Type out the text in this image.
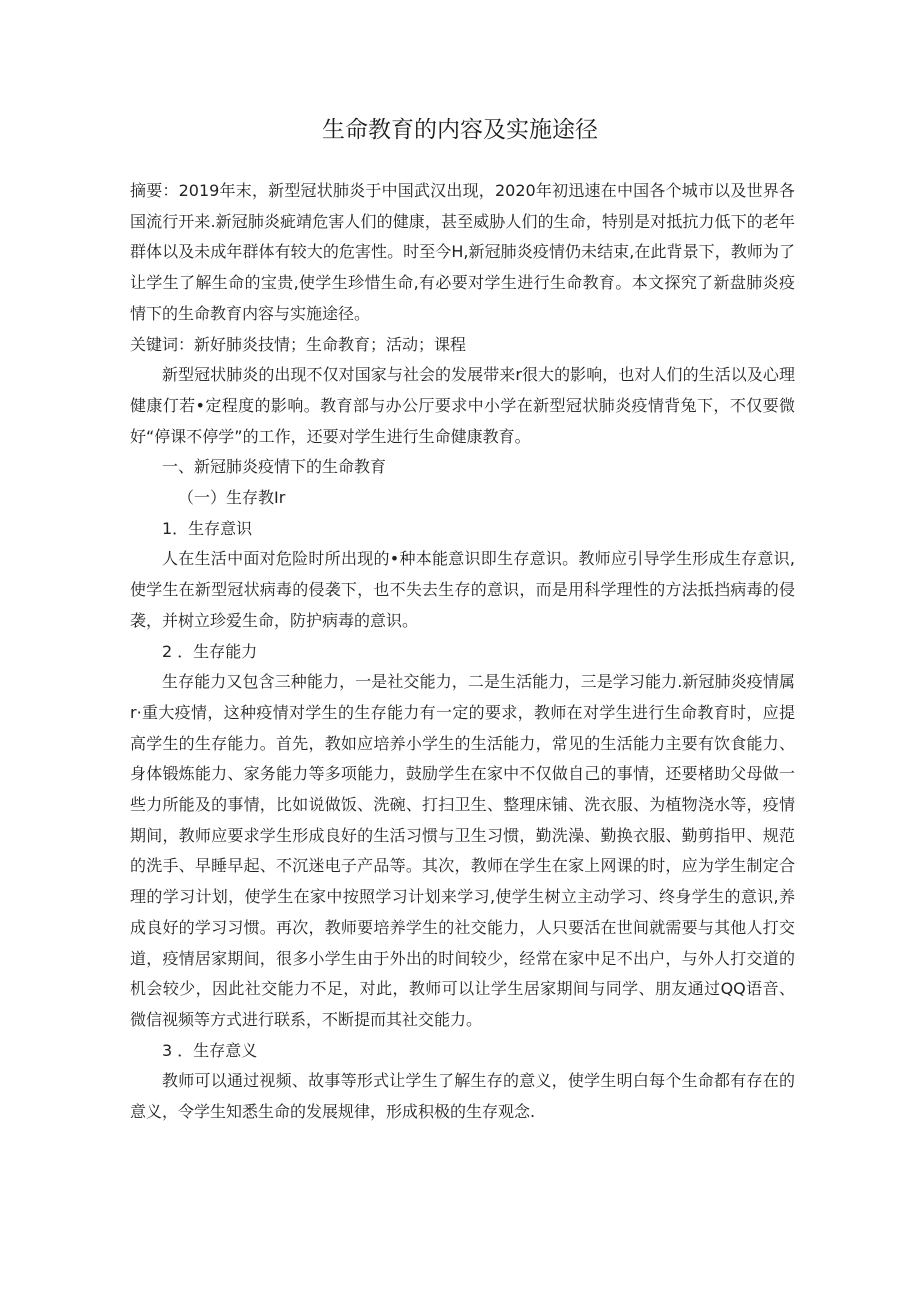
生命教育的内容及实施途径

摘要：2019年末，新型冠状肺炎于中国武汉出现，2020年初迅速在中国各个城市以及世界各国流行开来.新冠肺炎疵靖危害人们的健康，甚至威胁人们的生命，特别是对抵抗力低下的老年群体以及未成年群体有较大的危害性。时至今H,新冠肺炎疫情仍未结束,在此背景下，教师为了让学生了解生命的宝贵,使学生珍惜生命,有必要对学生进行生命教育。本文探究了新盘肺炎疫情下的生命教育内容与实施途径。

关键词：新好肺炎技情；生命教育；活动；课程

新型冠状肺炎的出现不仅对国家与社会的发展带来r很大的影响，也对人们的生活以及心理健康仃若•定程度的影响。教育部与办公厅要求中小学在新型冠状肺炎疫情背兔下，不仅要微好“停课不停学”的工作，还要对学生进行生命健康教育。

一、新冠肺炎疫情下的生命教育

（一）生存教Ir

1．生存意识

人在生活中面对危险时所出现的•种本能意识即生存意识。教师应引导学生形成生存意识,使学生在新型冠状病毒的侵袭下，也不失去生存的意识，而是用科学理性的方法抵挡病毒的侵袭，并树立珍爱生命，防护病毒的意识。

2 ．生存能力

生存能力又包含三种能力，一是社交能力，二是生活能力，三是学习能力.新冠肺炎疫情属r·重大疫情，这种疫情对学生的生存能力有一定的要求，教师在对学生进行生命教育时，应提高学生的生存能力。首先，教如应培养小学生的生活能力，常见的生活能力主要有饮食能力、身体锻炼能力、家务能力等多项能力，鼓励学生在家中不仅做自己的事情，还要楮助父母做一些力所能及的事情，比如说做饭、洗碗、打扫卫生、整理床铺、洗衣服、为植物浇水等，疫情期间，教师应要求学生形成良好的生活习惯与卫生习惯，勤洗澡、勤换衣服、勤剪指甲、规范的洗手、早睡早起、不沉迷电子产品等。其次，教师在学生在家上网课的时，应为学生制定合理的学习计划，使学生在家中按照学习计划来学习,使学生树立主动学习、终身学生的意识,养成良好的学习习惯。再次，教师要培养学生的社交能力，人只要活在世间就需要与其他人打交道，疫情居家期间，很多小学生由于外出的时间较少，经常在家中足不出户，与外人打交道的机会较少，因此社交能力不足，对此，教师可以让学生居家期间与同学、朋友通过QQ语音、微信视频等方式进行联系，不断提而其社交能力。

3 ．生存意义

教师可以通过视频、故事等形式让学生了解生存的意义，使学生明白每个生命都有存在的意义，令学生知悉生命的发展规律，形成积极的生存观念.
